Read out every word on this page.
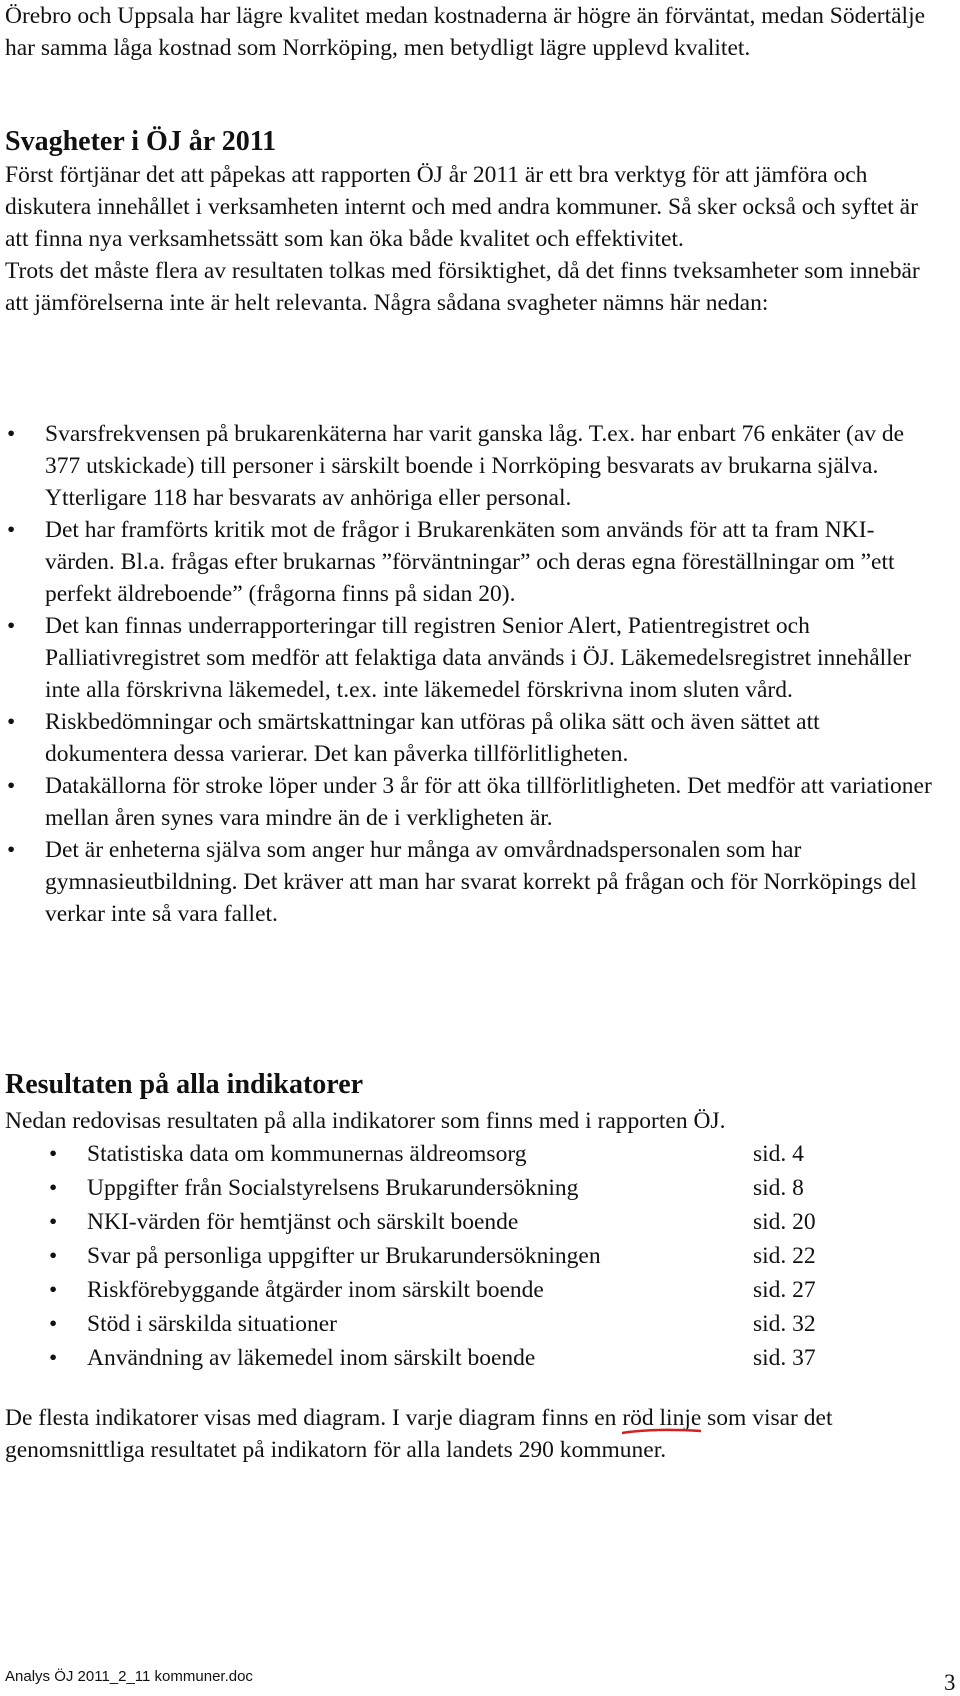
Örebro och Uppsala har lägre kvalitet medan kostnaderna är högre än förväntat, medan Södertälje har samma låga kostnad som Norrköping, men betydligt lägre upplevd kvalitet.

Svagheter i ÖJ år 2011

Först förtjänar det att påpekas att rapporten ÖJ år 2011 är ett bra verktyg för att jämföra och diskutera innehållet i verksamheten internt och med andra kommuner. Så sker också och syftet är att finna nya verksamhetssätt som kan öka både kvalitet och effektivitet.

Trots det måste flera av resultaten tolkas med försiktighet, då det finns tveksamheter som innebär att jämförelserna inte är helt relevanta. Några sådana svagheter nämns här nedan:

• Svarsfrekvensen på brukarenkäterna har varit ganska låg. T.ex. har enbart 76 enkäter (av de 377 utskickade) till personer i särskilt boende i Norrköping besvarats av brukarna själva. Ytterligare 118 har besvarats av anhöriga eller personal.
• Det har framförts kritik mot de frågor i Brukarenkäten som används för att ta fram NKI-värden. Bl.a. frågas efter brukarnas ”förväntningar” och deras egna föreställningar om ”ett perfekt äldreboende” (frågorna finns på sidan 20).
• Det kan finnas underrapporteringar till registren Senior Alert, Patientregistret och Palliativregistret som medför att felaktiga data används i ÖJ. Läkemedelsregistret innehåller inte alla förskrivna läkemedel, t.ex. inte läkemedel förskrivna inom sluten vård.
• Riskbedömningar och smärtskattningar kan utföras på olika sätt och även sättet att dokumentera dessa varierar. Det kan påverka tillförlitligheten.
• Datakällorna för stroke löper under 3 år för att öka tillförlitligheten. Det medför att variationer mellan åren synes vara mindre än de i verkligheten är.
• Det är enheterna själva som anger hur många av omvårdnadspersonalen som har gymnasieutbildning. Det kräver att man har svarat korrekt på frågan och för Norrköpings del verkar inte så vara fallet.
Resultaten på alla indikatorer

Nedan redovisas resultaten på alla indikatorer som finns med i rapporten ÖJ.

• Statistiska data om kommunernas äldreomsorg	sid. 4
• Uppgifter från Socialstyrelsens Brukarundersökning	sid. 8
• NKI-värden för hemtjänst och särskilt boende	sid. 20
• Svar på personliga uppgifter ur Brukarundersökningen	sid. 22
• Riskförebyggande åtgärder inom särskilt boende	sid. 27
• Stöd i särskilda situationer	sid. 32
• Användning av läkemedel inom särskilt boende	sid. 37

De flesta indikatorer visas med diagram. I varje diagram finns en röd linje
som visar det genomsnittliga resultatet på indikatorn för alla landets 290 kommuner.

Analys ÖJ 2011_2_11 kommuner.doc	3
